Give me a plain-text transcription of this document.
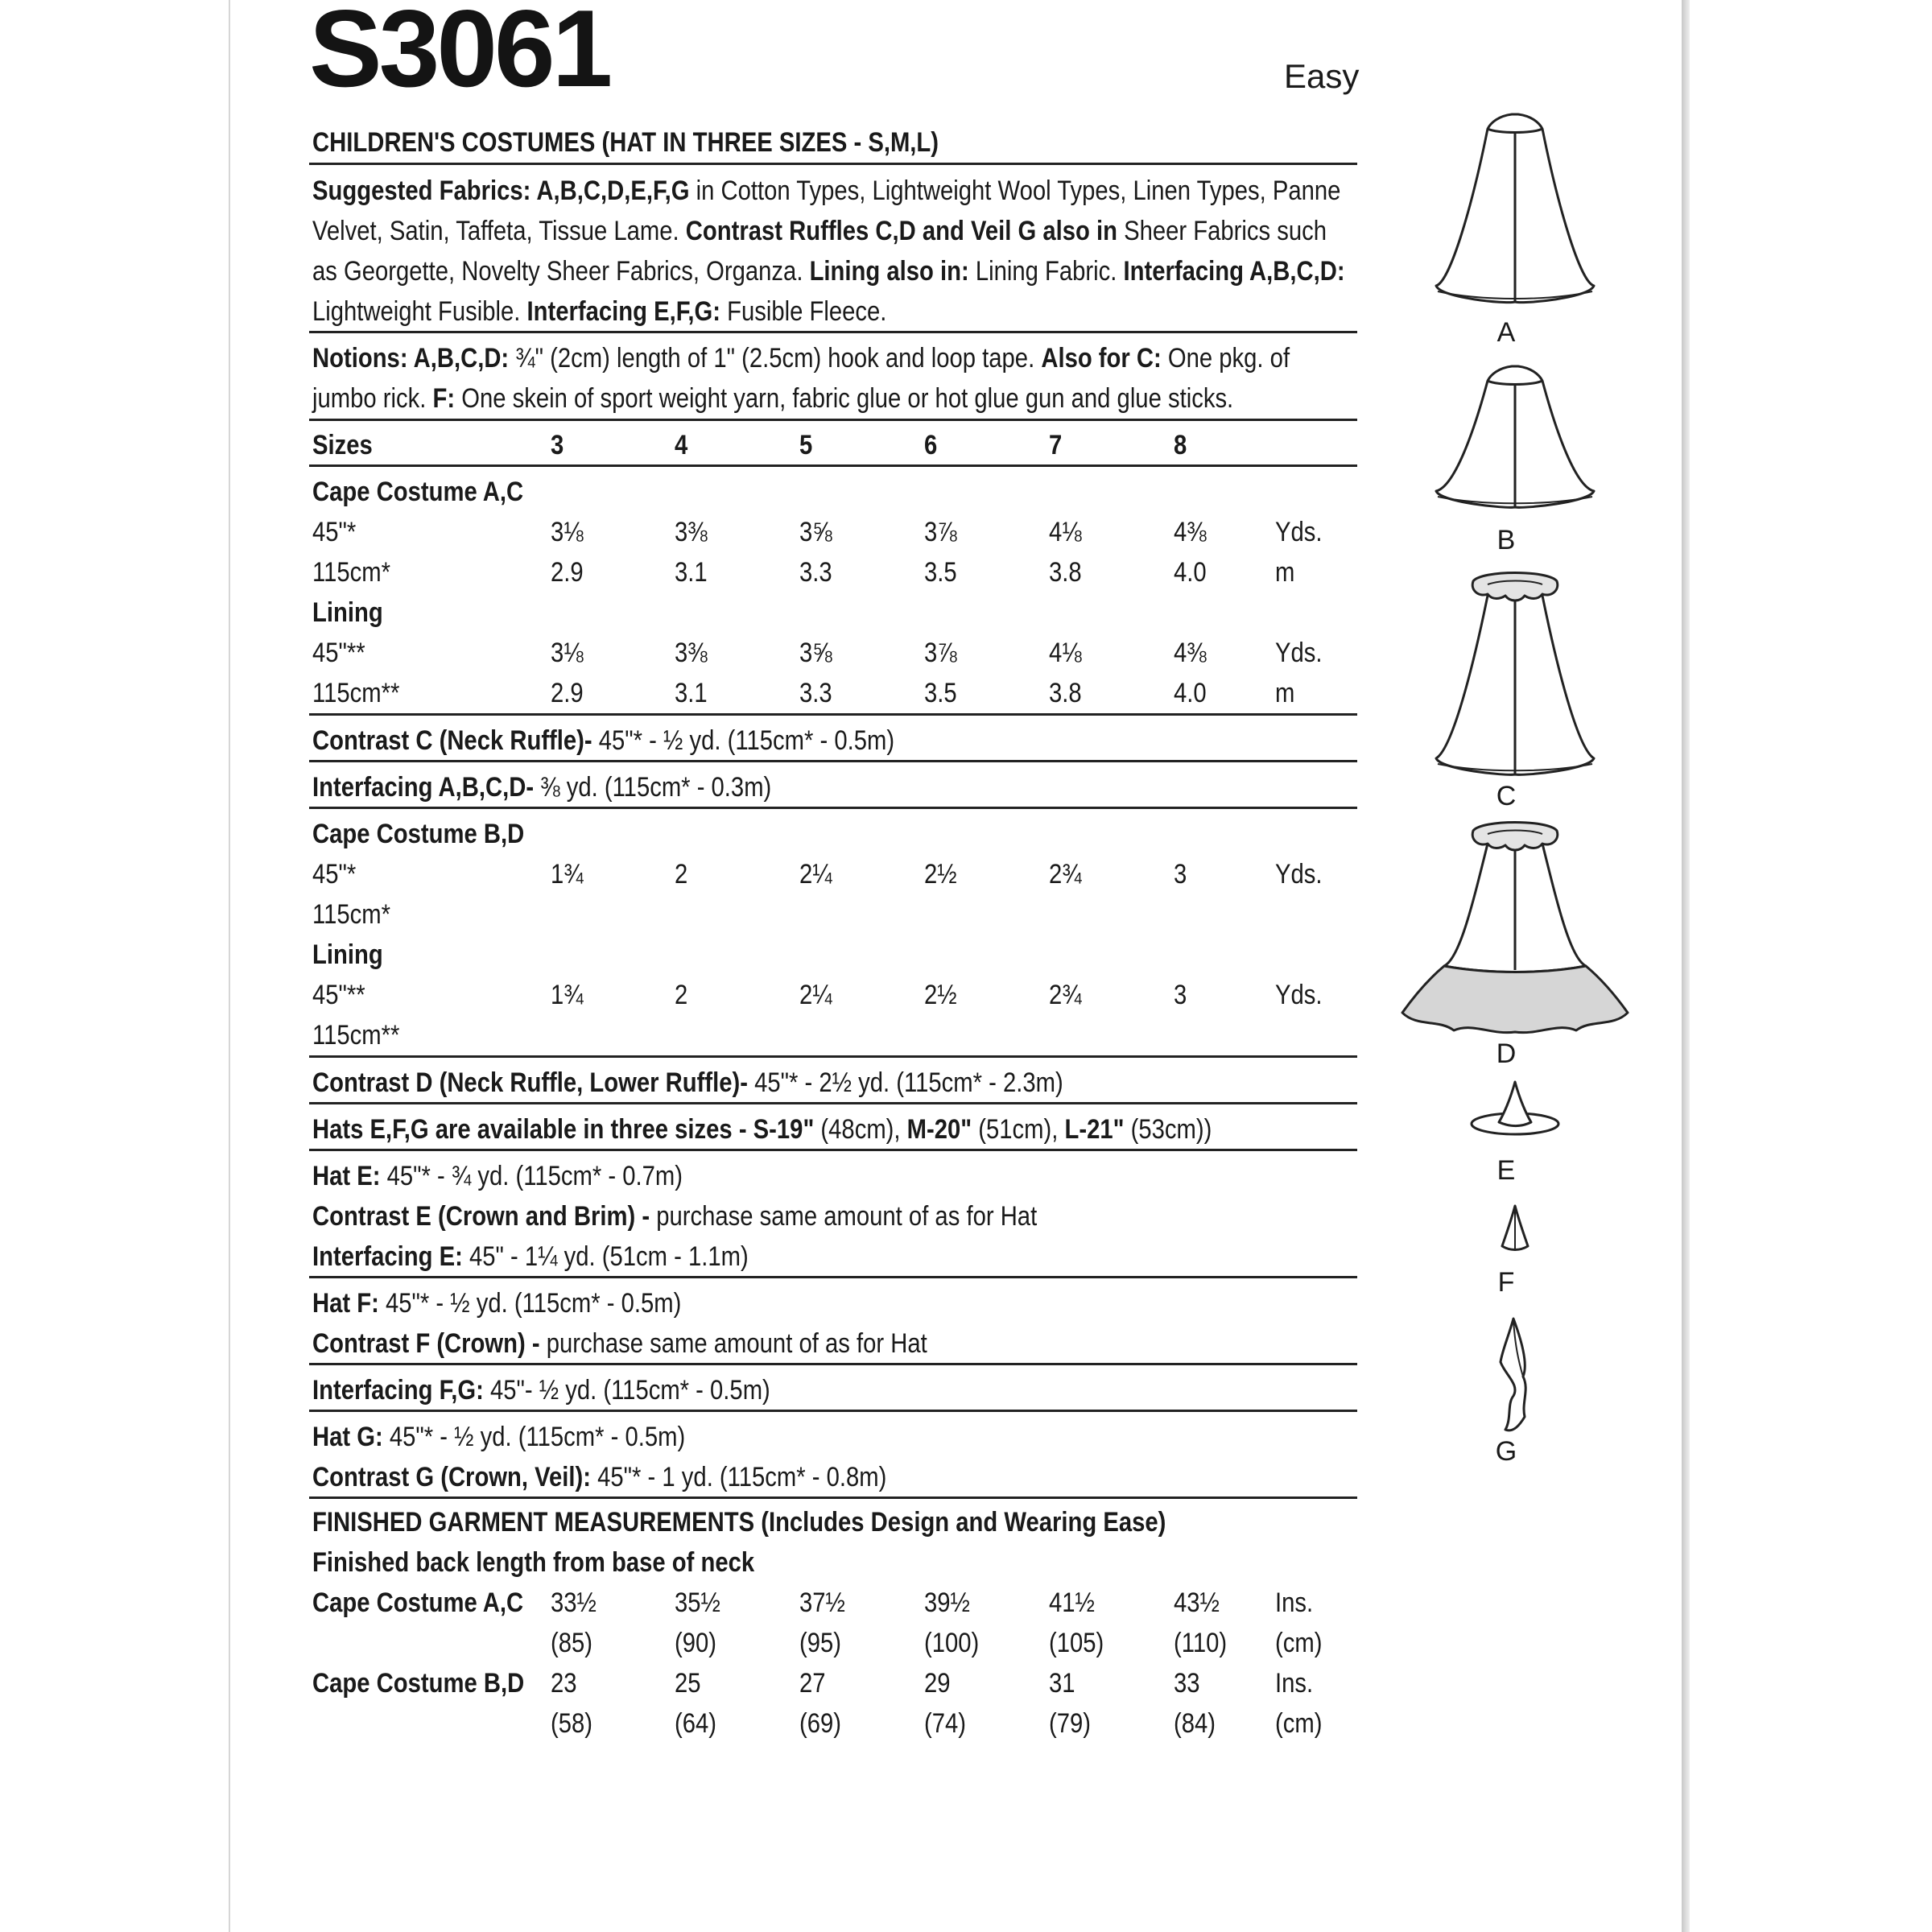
S3061	Easy
CHILDREN'S COSTUMES (HAT IN THREE SIZES - S,M,L)
Suggested Fabrics: A,B,C,D,E,F,G in Cotton Types, Lightweight Wool Types, Linen Types, Panne Velvet, Satin, Taffeta, Tissue Lame. Contrast Ruffles C,D and Veil G also in Sheer Fabrics such as Georgette, Novelty Sheer Fabrics, Organza. Lining also in: Lining Fabric. Interfacing A,B,C,D: Lightweight Fusible. Interfacing E,F,G: Fusible Fleece.
Notions: A,B,C,D: ¾" (2cm) length of 1" (2.5cm) hook and loop tape. Also for C: One pkg. of jumbo rick. F: One skein of sport weight yarn, fabric glue or hot glue gun and glue sticks.
Sizes	3	4	5	6	7	8
Cape Costume A,C
45"*	3⅛	3⅜	3⅝	3⅞	4⅛	4⅜	Yds.
115cm*	2.9	3.1	3.3	3.5	3.8	4.0	m
Lining
45"**	3⅛	3⅜	3⅝	3⅞	4⅛	4⅜	Yds.
115cm**	2.9	3.1	3.3	3.5	3.8	4.0	m
Contrast C (Neck Ruffle)- 45"* - ½ yd. (115cm* - 0.5m)
Interfacing A,B,C,D- ⅜ yd. (115cm* - 0.3m)
Cape Costume B,D
45"*	1¾	2	2¼	2½	2¾	3	Yds.
115cm*
Lining
45"**	1¾	2	2¼	2½	2¾	3	Yds.
115cm**
Contrast D (Neck Ruffle, Lower Ruffle)- 45"* - 2½ yd. (115cm* - 2.3m)
Hats E,F,G are available in three sizes - S-19" (48cm), M-20" (51cm), L-21" (53cm))
Hat E: 45"* - ¾ yd. (115cm* - 0.7m)
Contrast E (Crown and Brim) - purchase same amount of as for Hat
Interfacing E: 45" - 1¼ yd. (51cm - 1.1m)
Hat F: 45"* - ½ yd. (115cm* - 0.5m)
Contrast F (Crown) - purchase same amount of as for Hat
Interfacing F,G: 45"- ½ yd. (115cm* - 0.5m)
Hat G: 45"* - ½ yd. (115cm* - 0.5m)
Contrast G (Crown, Veil): 45"* - 1 yd. (115cm* - 0.8m)
FINISHED GARMENT MEASUREMENTS (Includes Design and Wearing Ease)
Finished back length from base of neck
Cape Costume A,C 33½	35½	37½	39½	41½	43½ Ins.
(85)	(90)	(95)	(100)	(105)	(110) (cm)
Cape Costume B,D 23	25	27	29	31	33	Ins.
(58)	(64)	(69)	(74)	(79)	(84) (cm)
A
B
C
D
E
F
G
